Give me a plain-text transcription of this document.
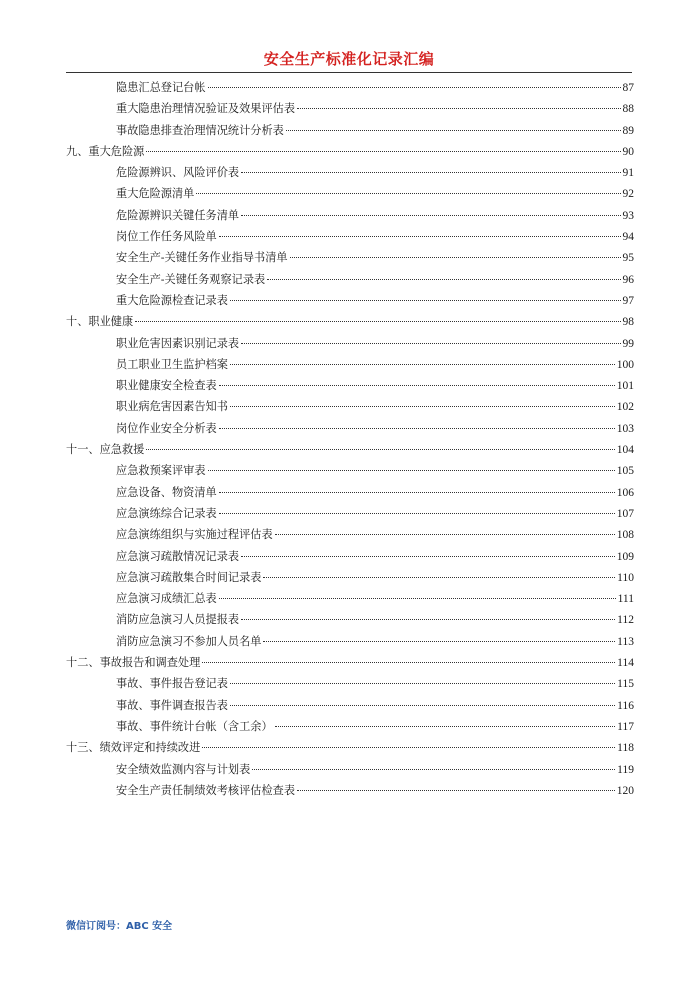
安全生产标准化记录汇编
隐患汇总登记台帐	87
重大隐患治理情况验证及效果评估表	88
事故隐患排查治理情况统计分析表	89
九、重大危险源	90
危险源辨识、风险评价表	91
重大危险源清单	92
危险源辨识关键任务清单	93
岗位工作任务风险单	94
安全生产-关键任务作业指导书清单	95
安全生产-关键任务观察记录表	96
重大危险源检查记录表	97
十、职业健康	98
职业危害因素识别记录表	99
员工职业卫生监护档案	100
职业健康安全检查表	101
职业病危害因素告知书	102
岗位作业安全分析表	103
十一、应急救援	104
应急救预案评审表	105
应急设备、物资清单	106
应急演练综合记录表	107
应急演练组织与实施过程评估表	108
应急演习疏散情况记录表	109
应急演习疏散集合时间记录表	110
应急演习成绩汇总表	111
消防应急演习人员提报表	112
消防应急演习不参加人员名单	113
十二、事故报告和调查处理	114
事故、事件报告登记表	115
事故、事件调查报告表	116
事故、事件统计台帐（含工余）	117
十三、绩效评定和持续改进	118
安全绩效监测内容与计划表	119
安全生产责任制绩效考核评估检查表	120
微信订阅号：ABC 安全
